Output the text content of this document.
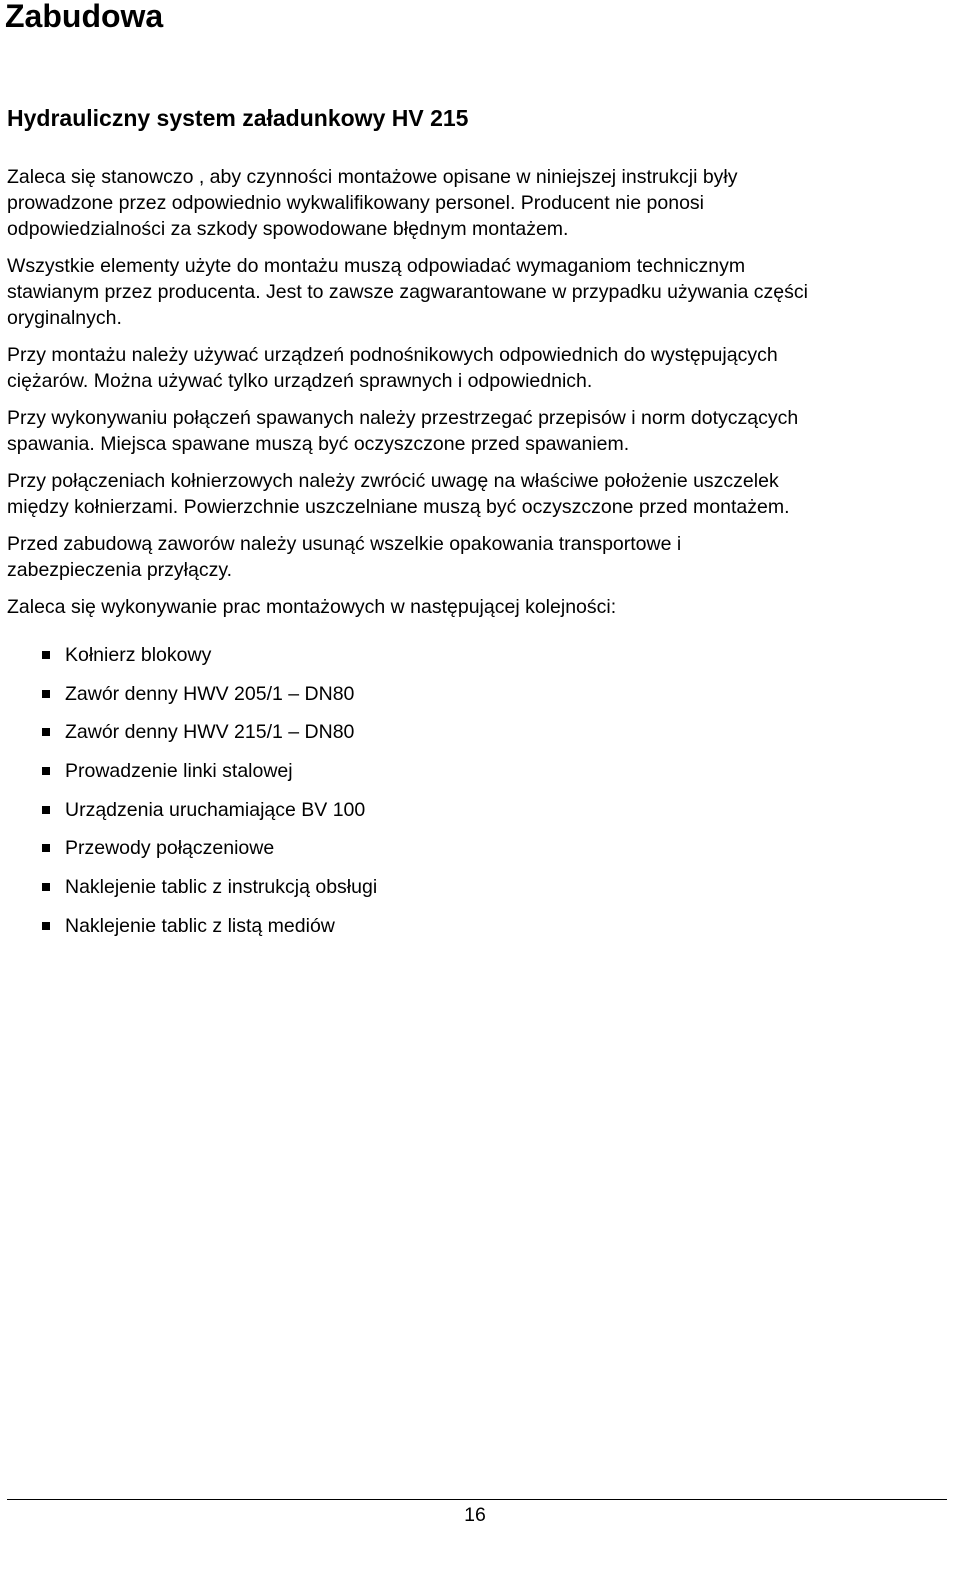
Zabudowa
Hydrauliczny system załadunkowy HV 215

Zaleca się stanowczo , aby czynności montażowe opisane w niniejszej instrukcji były
prowadzone przez odpowiednio wykwalifikowany personel. Producent nie ponosi
odpowiedzialności za szkody spowodowane błędnym montażem.

Wszystkie elementy użyte do montażu muszą odpowiadać wymaganiom technicznym
stawianym przez producenta. Jest to zawsze zagwarantowane w przypadku używania części
oryginalnych.

Przy montażu należy używać urządzeń podnośnikowych odpowiednich do występujących
ciężarów. Można używać tylko urządzeń sprawnych i odpowiednich.

Przy wykonywaniu połączeń spawanych należy przestrzegać przepisów i norm dotyczących
spawania. Miejsca spawane muszą być oczyszczone przed spawaniem.

Przy połączeniach kołnierzowych należy zwrócić uwagę na właściwe położenie uszczelek
między kołnierzami. Powierzchnie uszczelniane muszą być oczyszczone przed montażem.

Przed zabudową zaworów należy usunąć wszelkie opakowania transportowe i
zabezpieczenia przyłączy.

Zaleca się wykonywanie prac montażowych w następującej kolejności:

Kołnierz blokowy
Zawór denny HWV 205/1 – DN80
Zawór denny HWV 215/1 – DN80
Prowadzenie linki stalowej
Urządzenia uruchamiające BV 100
Przewody połączeniowe
Naklejenie tablic z instrukcją obsługi
Naklejenie tablic z listą mediów
16
